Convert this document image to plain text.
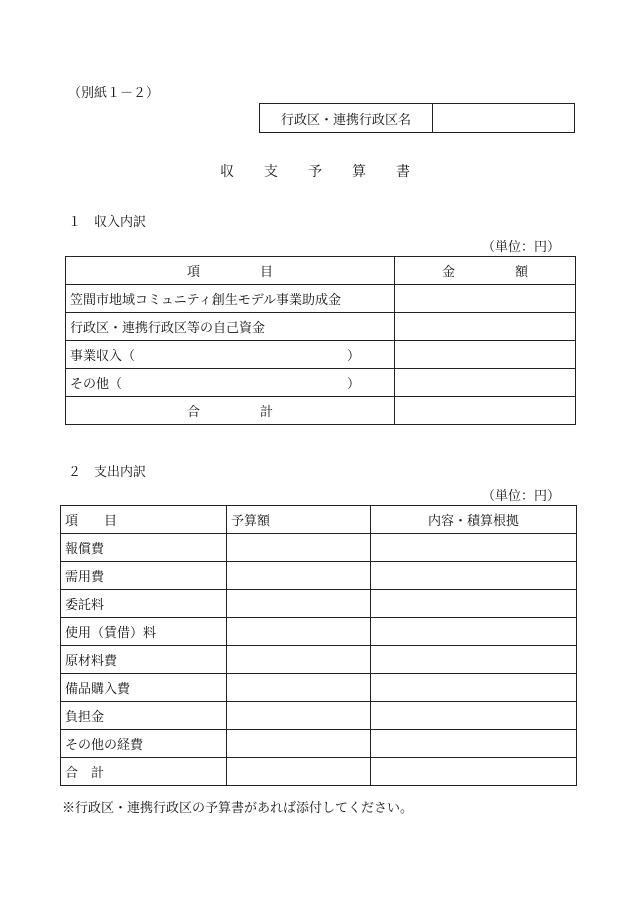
（別紙１－２）
行政区・連携行政区名
収 支 予 算 書
１　収入内訳
（単位：円）
項 目	金 額

笠間市地域コミュニティ創生モデル事業助成金	
行政区・連携行政区等の自己資金	

事業収入（ ）	

その他（ ）	

合 計	

２　支出内訳
（単位：円）
項　　目	予算額	内容・積算根拠
報償費		
需用費		
委託料		
使用（賃借）料		
原材料費		
備品購入費		
負担金		
その他の経費		
合　計		
※行政区・連携行政区の予算書があれば添付してください。
